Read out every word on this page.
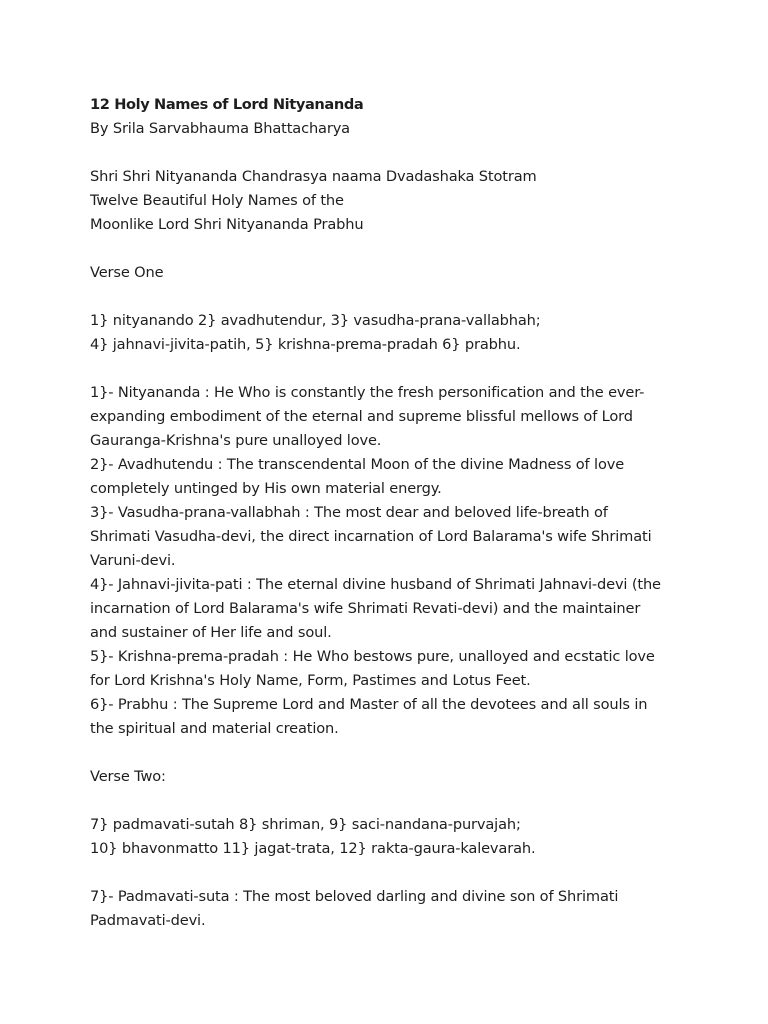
12 Holy Names of Lord Nityananda
By Srila Sarvabhauma Bhattacharya
Shri Shri Nityananda Chandrasya naama Dvadashaka Stotram
Twelve Beautiful Holy Names of the
Moonlike Lord Shri Nityananda Prabhu
Verse One
1} nityanando 2} avadhutendur, 3} vasudha-prana-vallabhah;
4} jahnavi-jivita-patih, 5} krishna-prema-pradah 6} prabhu.
1}- Nityananda : He Who is constantly the fresh personification and the ever-
expanding embodiment of the eternal and supreme blissful mellows of Lord
Gauranga-Krishna's pure unalloyed love.
2}- Avadhutendu : The transcendental Moon of the divine Madness of love
completely untinged by His own material energy.
3}- Vasudha-prana-vallabhah : The most dear and beloved life-breath of
Shrimati Vasudha-devi, the direct incarnation of Lord Balarama's wife Shrimati
Varuni-devi.
4}- Jahnavi-jivita-pati : The eternal divine husband of Shrimati Jahnavi-devi (the
incarnation of Lord Balarama's wife Shrimati Revati-devi) and the maintainer
and sustainer of Her life and soul.
5}- Krishna-prema-pradah : He Who bestows pure, unalloyed and ecstatic love
for Lord Krishna's Holy Name, Form, Pastimes and Lotus Feet.
6}- Prabhu : The Supreme Lord and Master of all the devotees and all souls in
the spiritual and material creation.
Verse Two:
7} padmavati-sutah 8} shriman, 9} saci-nandana-purvajah;
10} bhavonmatto 11} jagat-trata, 12} rakta-gaura-kalevarah.
7}- Padmavati-suta : The most beloved darling and divine son of Shrimati
Padmavati-devi.
